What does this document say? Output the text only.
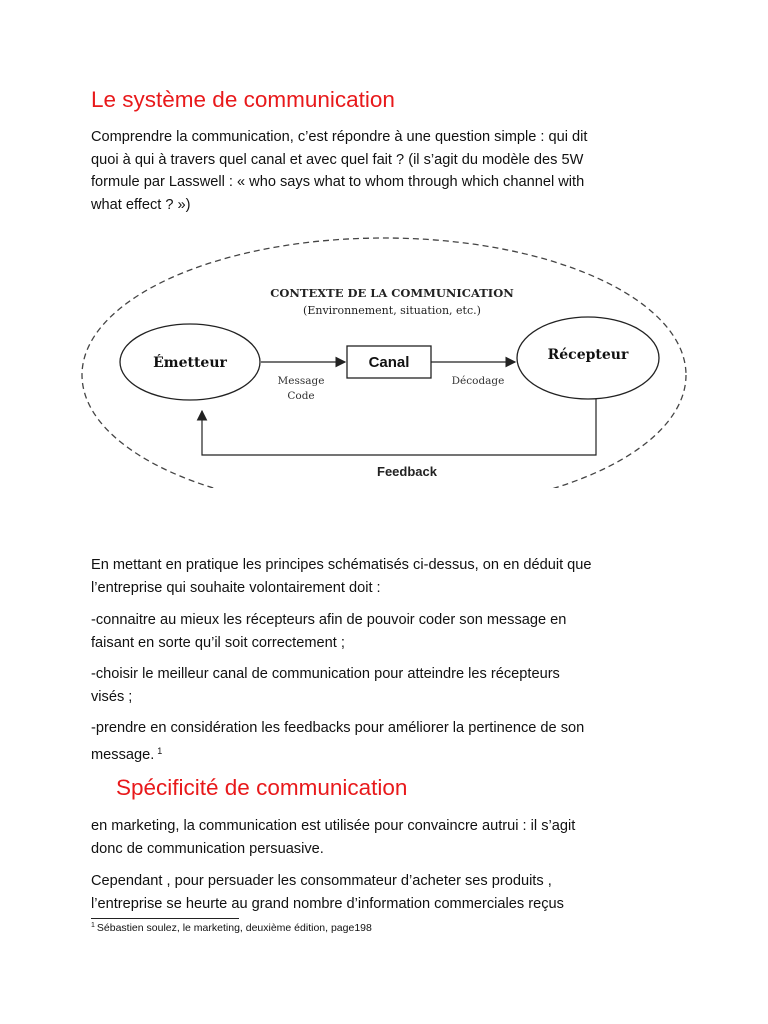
Le système de communication
Comprendre la communication, c’est répondre à une question simple : qui dit
quoi à qui à travers quel canal et avec quel fait ? (il s’agit du modèle des 5W
formule par Lasswell : « who says what to whom through which channel with
what effect ? »)
CONTEXTE DE LA COMMUNICATION
(Environnement, situation, etc.)
Émetteur	Canal	Récepteur
Message
Code
Décodage
Feedback
En mettant en pratique les principes schématisés ci-dessus, on en déduit que
l’entreprise qui souhaite volontairement doit :
-connaitre au mieux les récepteurs afin de pouvoir coder son message en
faisant en sorte qu’il soit correctement ;
-choisir le meilleur canal de communication pour atteindre les récepteurs
visés ;
-prendre en considération les feedbacks pour améliorer la pertinence de son
message. $^1$
Spécificité de communication
en marketing, la communication est utilisée pour convaincre autrui : il s’agit
donc de communication persuasive.
Cependant , pour persuader les consommateur d’acheter ses produits ,
l’entreprise se heurte au grand nombre d’information commerciales reçus
$^1$ Sébastien soulez, le marketing, deuxième édition, page198
